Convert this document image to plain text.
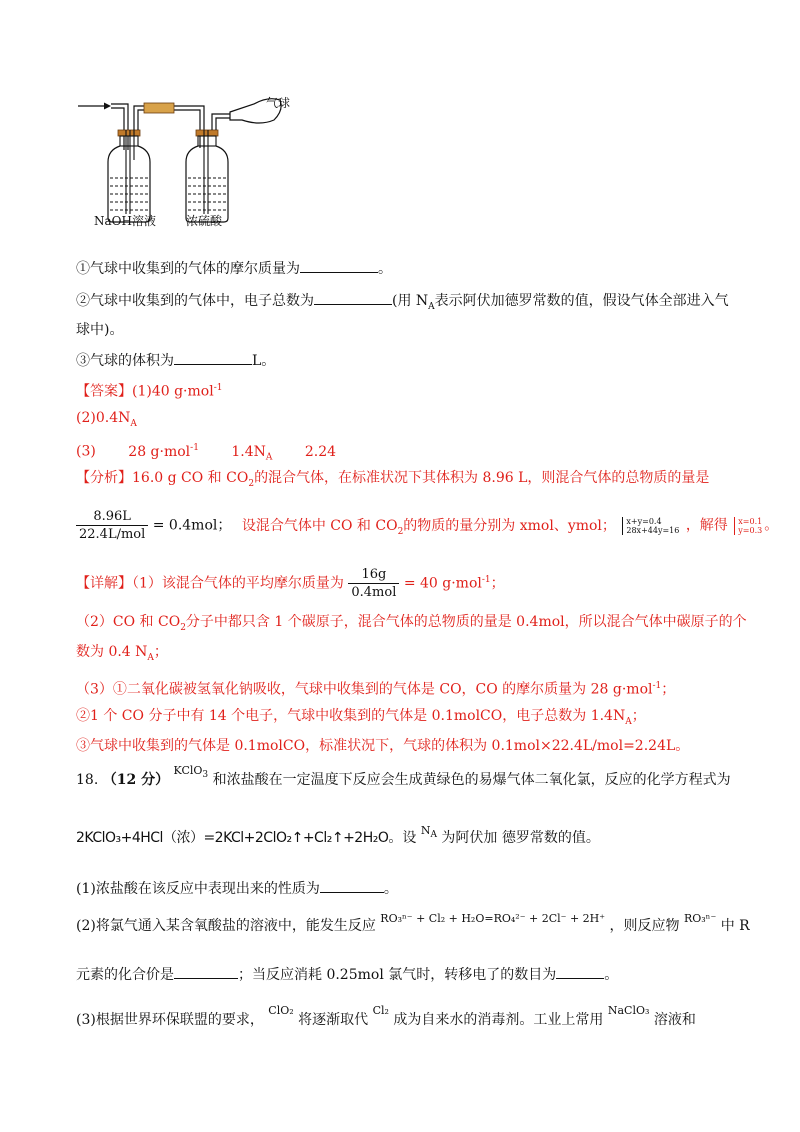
气球
NaOH溶液	浓硫酸
①气球中收集到的气体的摩尔质量为	。
②气球中收集到的气体中，电子总数为	(用 $N_A$表示阿伏加德罗常数的值，假设气体全部进入气
球中)。
③气球的体积为	L。
【答案】(1)40 g·mol$^{-1}$
$(2)0.4N_A$
(3) 28 g·mol$^{-1}$ $1.4N_A$ 2.24
【分析】16.0 g CO 和 $CO_2$的混合气体，在标准状况下其体积为 8.96 L，则混合气体的总物质的量是
$\frac{8.96L}{\text{22.4L/mol}} = 0.4mol$； 设混合气体中 CO 和 $CO_2$的物质的量分别为 xmol、ymol； x+y=0.4
28x+44y=16 ，解得 x=0.1
y=0.3 。
【详解】（1）该混合气体的平均摩尔质量为 $\frac{16g}{\text{0.4mol}} = 40$ g·mol$^{-1}$；
（2）CO 和 $CO_2$分子中都只含 1 个碳原子，混合气体的总物质的量是 0.4mol，所以混合气体中碳原子的个
数为 0.4 $N_A$；
（3）①二氧化碳被氢氧化钠吸收，气球中收集到的气体是 CO，CO 的摩尔质量为 28 g·mol$^{-1}$；
②1 个 CO 分子中有 14 个电子，气球中收集到的气体是 0.1molCO，电子总数为 $1.4N_A$；
③气球中收集到的气体是 0.1molCO，标准状况下，气球的体积为 0.1mol×22.4L/mol=2.24L。
18. （12 分） $^{KClO_3}$ 和浓盐酸在一定温度下反应会生成黄绿色的易爆气体二氧化氯，反应的化学方程式为
2KClO₃+4HCl（浓）=2KCl+2ClO₂↑+Cl₂↑+2H₂O。设 $^{N_A}$ 为阿伏加 德罗常数的值。
(1)浓盐酸在该反应中表现出来的性质为	。
(2)将氯气通入某含氧酸盐的溶液中，能发生反应 $^{RO_3^{n-} + Cl_2 + H_2O=RO_4^{2-} + 2Cl^- + 2H^+}$ ，则反应物 $^{RO_3^{n-}}$ 中 R
元素的化合价是	；当反应消耗 0.25mol 氯气时，转移电了的数目为	。
(3)根据世界环保联盟的要求， $^{ClO_2}$ 将逐渐取代 $^{Cl_2}$ 成为自来水的消毒剂。工业上常用 $^{NaClO_3}$ 溶液和
